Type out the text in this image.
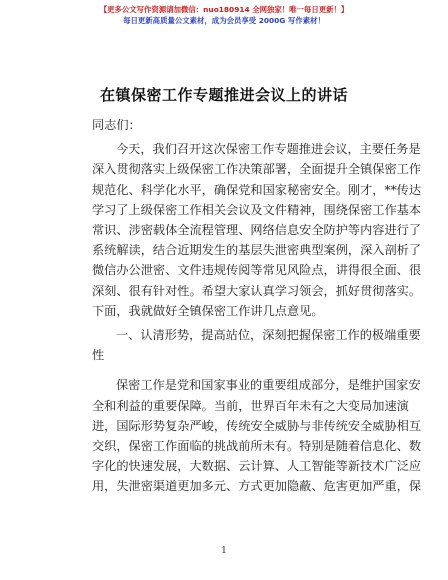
【更多公文写作资源请加微信：nuo180914 全网独家！唯一每日更新！】
每日更新高质量公文素材，成为会员享受 2000G 写作素材！
在镇保密工作专题推进会议上的讲话
同志们：
今天，我们召开这次保密工作专题推进会议，主要任务是
深入贯彻落实上级保密工作决策部署，全面提升全镇保密工作
规范化、科学化水平，确保党和国家秘密安全。刚才，**传达
学习了上级保密工作相关会议及文件精神，围绕保密工作基本
常识、涉密载体全流程管理、网络信息安全防护等内容进行了
系统解读，结合近期发生的基层失泄密典型案例，深入剖析了
微信办公泄密、文件违规传阅等常见风险点，讲得很全面、很
深刻、很有针对性。希望大家认真学习领会，抓好贯彻落实。
下面，我就做好全镇保密工作讲几点意见。
一、认清形势，提高站位，深刻把握保密工作的极端重要
性
保密工作是党和国家事业的重要组成部分，是维护国家安
全和利益的重要保障。当前，世界百年未有之大变局加速演
进，国际形势复杂严峻，传统安全威胁与非传统安全威胁相互
交织，保密工作面临的挑战前所未有。特别是随着信息化、数
字化的快速发展，大数据、云计算、人工智能等新技术广泛应
用，失泄密渠道更加多元、方式更加隐蔽、危害更加严重，保
1
